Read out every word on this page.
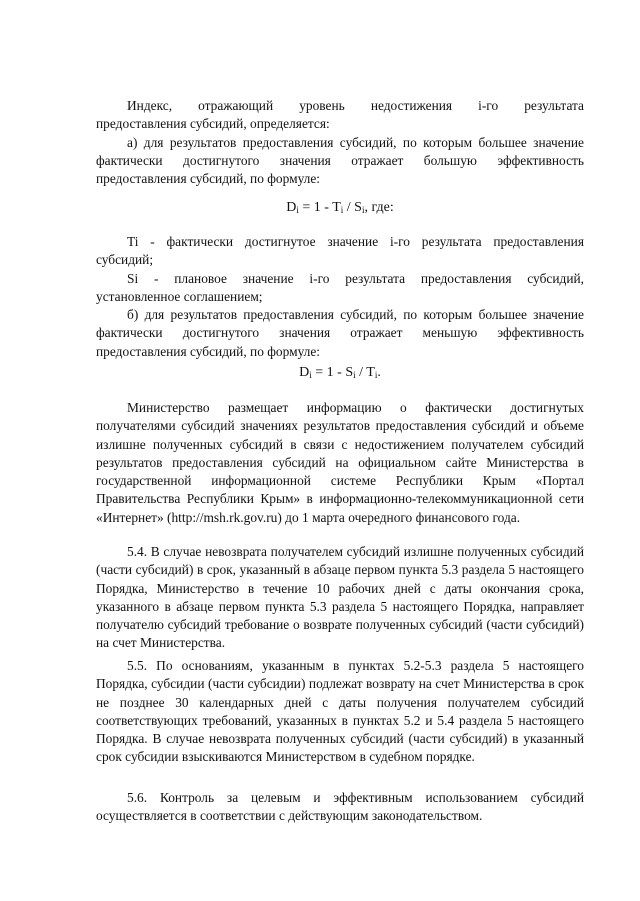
Индекс, отражающий уровень недостижения i-го результата

предоставления субсидий, определяется:

а) для результатов предоставления субсидий, по которым большее значение фактически достигнутого значения отражает большую эффективность предоставления субсидий, по формуле:

$D_i = 1 - T_i / S_i$, где:

Ti - фактически достигнутое значение i-го результата предоставления субсидий;

Si - плановое значение i-го результата предоставления субсидий, установленное соглашением;

б) для результатов предоставления субсидий, по которым большее значение фактически достигнутого значения отражает меньшую эффективность предоставления субсидий, по формуле:

$D_i = 1 - S_i / T_i$.

Министерство размещает информацию о фактически достигнутых получателями субсидий значениях результатов предоставления субсидий и объеме излишне полученных субсидий в связи с недостижением получателем субсидий результатов предоставления субсидий на официальном сайте Министерства в государственной информационной системе Республики Крым «Портал Правительства Республики Крым» в информационно-телекоммуникационной сети «Интернет» (http://msh.rk.gov.ru) до 1 марта очередного финансового года.

5.4. В случае невозврата получателем субсидий излишне полученных субсидий (части субсидий) в срок, указанный в абзаце первом пункта 5.3 раздела 5 настоящего Порядка, Министерство в течение 10 рабочих дней с даты окончания срока, указанного в абзаце первом пункта 5.3 раздела 5 настоящего Порядка, направляет получателю субсидий требование о возврате полученных субсидий (части субсидий) на счет Министерства.

5.5. По основаниям, указанным в пунктах 5.2-5.3 раздела 5 настоящего Порядка, субсидии (части субсидии) подлежат возврату на счет Министерства в срок не позднее 30 календарных дней с даты получения получателем субсидий соответствующих требований, указанных в пунктах 5.2 и 5.4 раздела 5 настоящего Порядка. В случае невозврата полученных субсидий (части субсидий) в указанный срок субсидии взыскиваются Министерством в судебном порядке.

5.6. Контроль за целевым и эффективным использованием субсидий осуществляется в соответствии с действующим законодательством.
